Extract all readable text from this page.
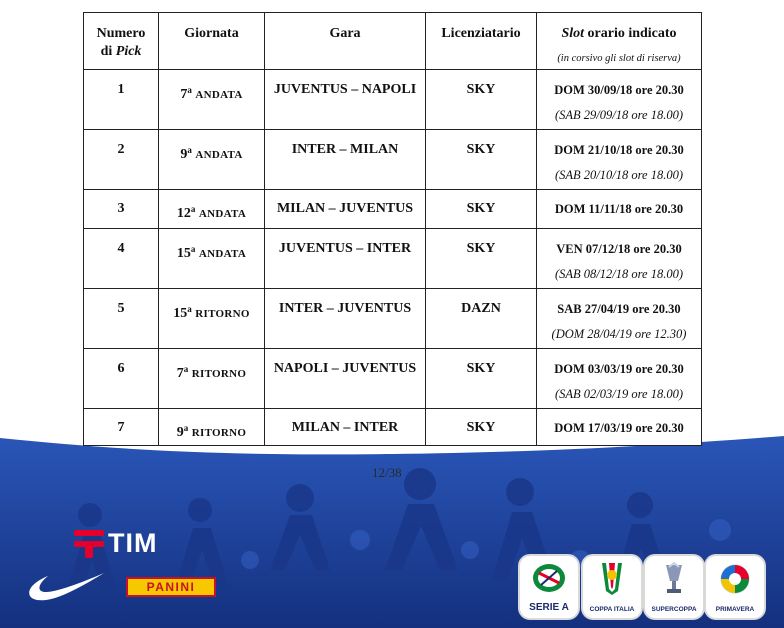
Numero
di Pick	Giornata	Gara	Licenziatario	Slot orario indicato
(in corsivo gli slot di riserva)

1	7$^a$ ANDATA	JUVENTUS – NAPOLI	SKY	DOM 30/09/18 ore 20.30
(SAB 29/09/18 ore 18.00)

2	9$^a$ ANDATA	INTER – MILAN	SKY	DOM 21/10/18 ore 20.30
(SAB 20/10/18 ore 18.00)

3	12$^a$ ANDATA	MILAN – JUVENTUS	SKY	DOM 11/11/18 ore 20.30

4	15$^a$ ANDATA	JUVENTUS – INTER	SKY	VEN 07/12/18 ore 20.30
(SAB 08/12/18 ore 18.00)

5	15$^a$ RITORNO	INTER – JUVENTUS	DAZN	SAB 27/04/19 ore 20.30
(DOM 28/04/19 ore 12.30)

6	7$^a$ RITORNO	NAPOLI – JUVENTUS	SKY	DOM 03/03/19 ore 20.30
(SAB 02/03/19 ore 18.00)

7	9$^a$ RITORNO	MILAN – INTER	SKY	DOM 17/03/19 ore 20.30
12/38
TIM
PANINI
SERIE A	COPPA ITALIA	SUPERCOPPA	PRIMAVERA
